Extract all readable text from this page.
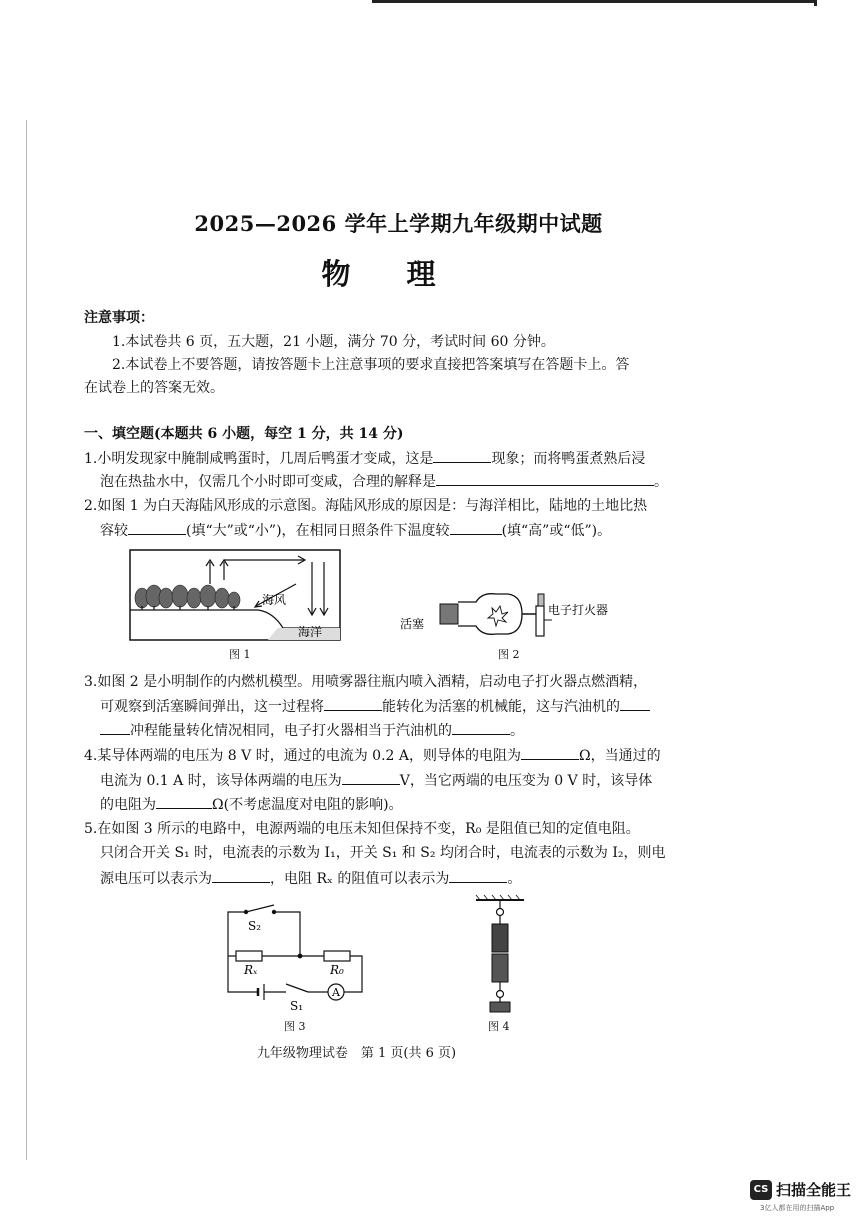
2025—2026 学年上学期九年级期中试题
物 理
注意事项：
1.本试卷共 6 页，五大题，21 小题，满分 70 分，考试时间 60 分钟。
2.本试卷上不要答题，请按答题卡上注意事项的要求直接把答案填写在答题卡上。答
在试卷上的答案无效。
一、填空题(本题共 6 小题，每空 1 分，共 14 分)
1.小明发现家中腌制咸鸭蛋时，几周后鸭蛋才变咸，这是	现象；而将鸭蛋煮熟后浸
泡在热盐水中，仅需几个小时即可变咸，合理的解释是	。
2.如图 1 为白天海陆风形成的示意图。海陆风形成的原因是：与海洋相比，陆地的土地比热
容较	(填“大”或“小”)，在相同日照条件下温度较	(填“高”或“低”)。
海风
海洋
图 1
活塞
电子打火器
图 2
3.如图 2 是小明制作的内燃机模型。用喷雾器往瓶内喷入酒精，启动电子打火器点燃酒精，
可观察到活塞瞬间弹出，这一过程将	能转化为活塞的机械能，这与汽油机的
冲程能量转化情况相同，电子打火器相当于汽油机的	。
4.某导体两端的电压为 8 V 时，通过的电流为 0.2 A，则导体的电阻为	Ω，当通过的
电流为 0.1 A 时，该导体两端的电压为	V，当它两端的电压变为 0 V 时，该导体
的电阻为	Ω(不考虑温度对电阻的影响)。
5.在如图 3 所示的电路中，电源两端的电压未知但保持不变，R₀ 是阻值已知的定值电阻。
只闭合开关 S₁ 时，电流表的示数为 I₁，开关 S₁ 和 S₂ 均闭合时，电流表的示数为 I₂，则电
源电压可以表示为	，电阻 Rₓ 的阻值可以表示为	。
S₂
Rₓ	R₀
S₁
A
图 3	图 4
九年级物理试卷　第 1 页(共 6 页)
CS 扫描全能王
3亿人都在用的扫描App
